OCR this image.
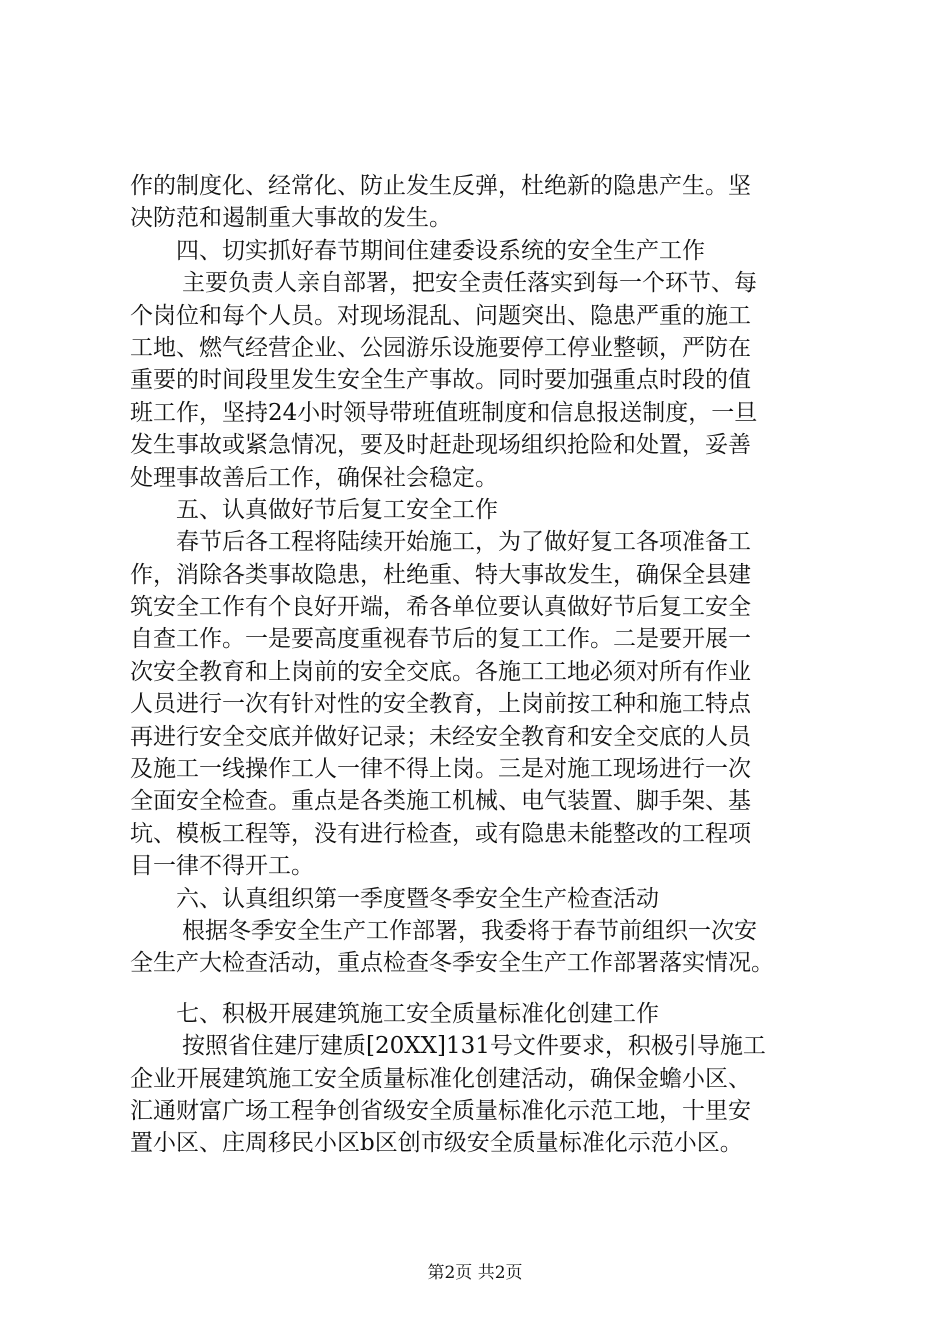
作的制度化、经常化、防止发生反弹，杜绝新的隐患产生。坚
决防范和遏制重大事故的发生。
四、切实抓好春节期间住建委设系统的安全生产工作
主要负责人亲自部署，把安全责任落实到每一个环节、每
个岗位和每个人员。对现场混乱、问题突出、隐患严重的施工
工地、燃气经营企业、公园游乐设施要停工停业整顿，严防在
重要的时间段里发生安全生产事故。同时要加强重点时段的值
班工作，坚持24小时领导带班值班制度和信息报送制度，一旦
发生事故或紧急情况，要及时赶赴现场组织抢险和处置，妥善
处理事故善后工作，确保社会稳定。
五、认真做好节后复工安全工作
春节后各工程将陆续开始施工，为了做好复工各项准备工
作，消除各类事故隐患，杜绝重、特大事故发生，确保全县建
筑安全工作有个良好开端，希各单位要认真做好节后复工安全
自查工作。一是要高度重视春节后的复工工作。二是要开展一
次安全教育和上岗前的安全交底。各施工工地必须对所有作业
人员进行一次有针对性的安全教育，上岗前按工种和施工特点
再进行安全交底并做好记录；未经安全教育和安全交底的人员
及施工一线操作工人一律不得上岗。三是对施工现场进行一次
全面安全检查。重点是各类施工机械、电气装置、脚手架、基
坑、模板工程等，没有进行检查，或有隐患未能整改的工程项
目一律不得开工。
六、认真组织第一季度暨冬季安全生产检查活动
根据冬季安全生产工作部署，我委将于春节前组织一次安
全生产大检查活动，重点检查冬季安全生产工作部署落实情况。
七、积极开展建筑施工安全质量标准化创建工作
按照省住建厅建质[20XX]131号文件要求，积极引导施工
企业开展建筑施工安全质量标准化创建活动，确保金蟾小区、
汇通财富广场工程争创省级安全质量标准化示范工地，十里安
置小区、庄周移民小区b区创市级安全质量标准化示范小区。
第2页 共2页
